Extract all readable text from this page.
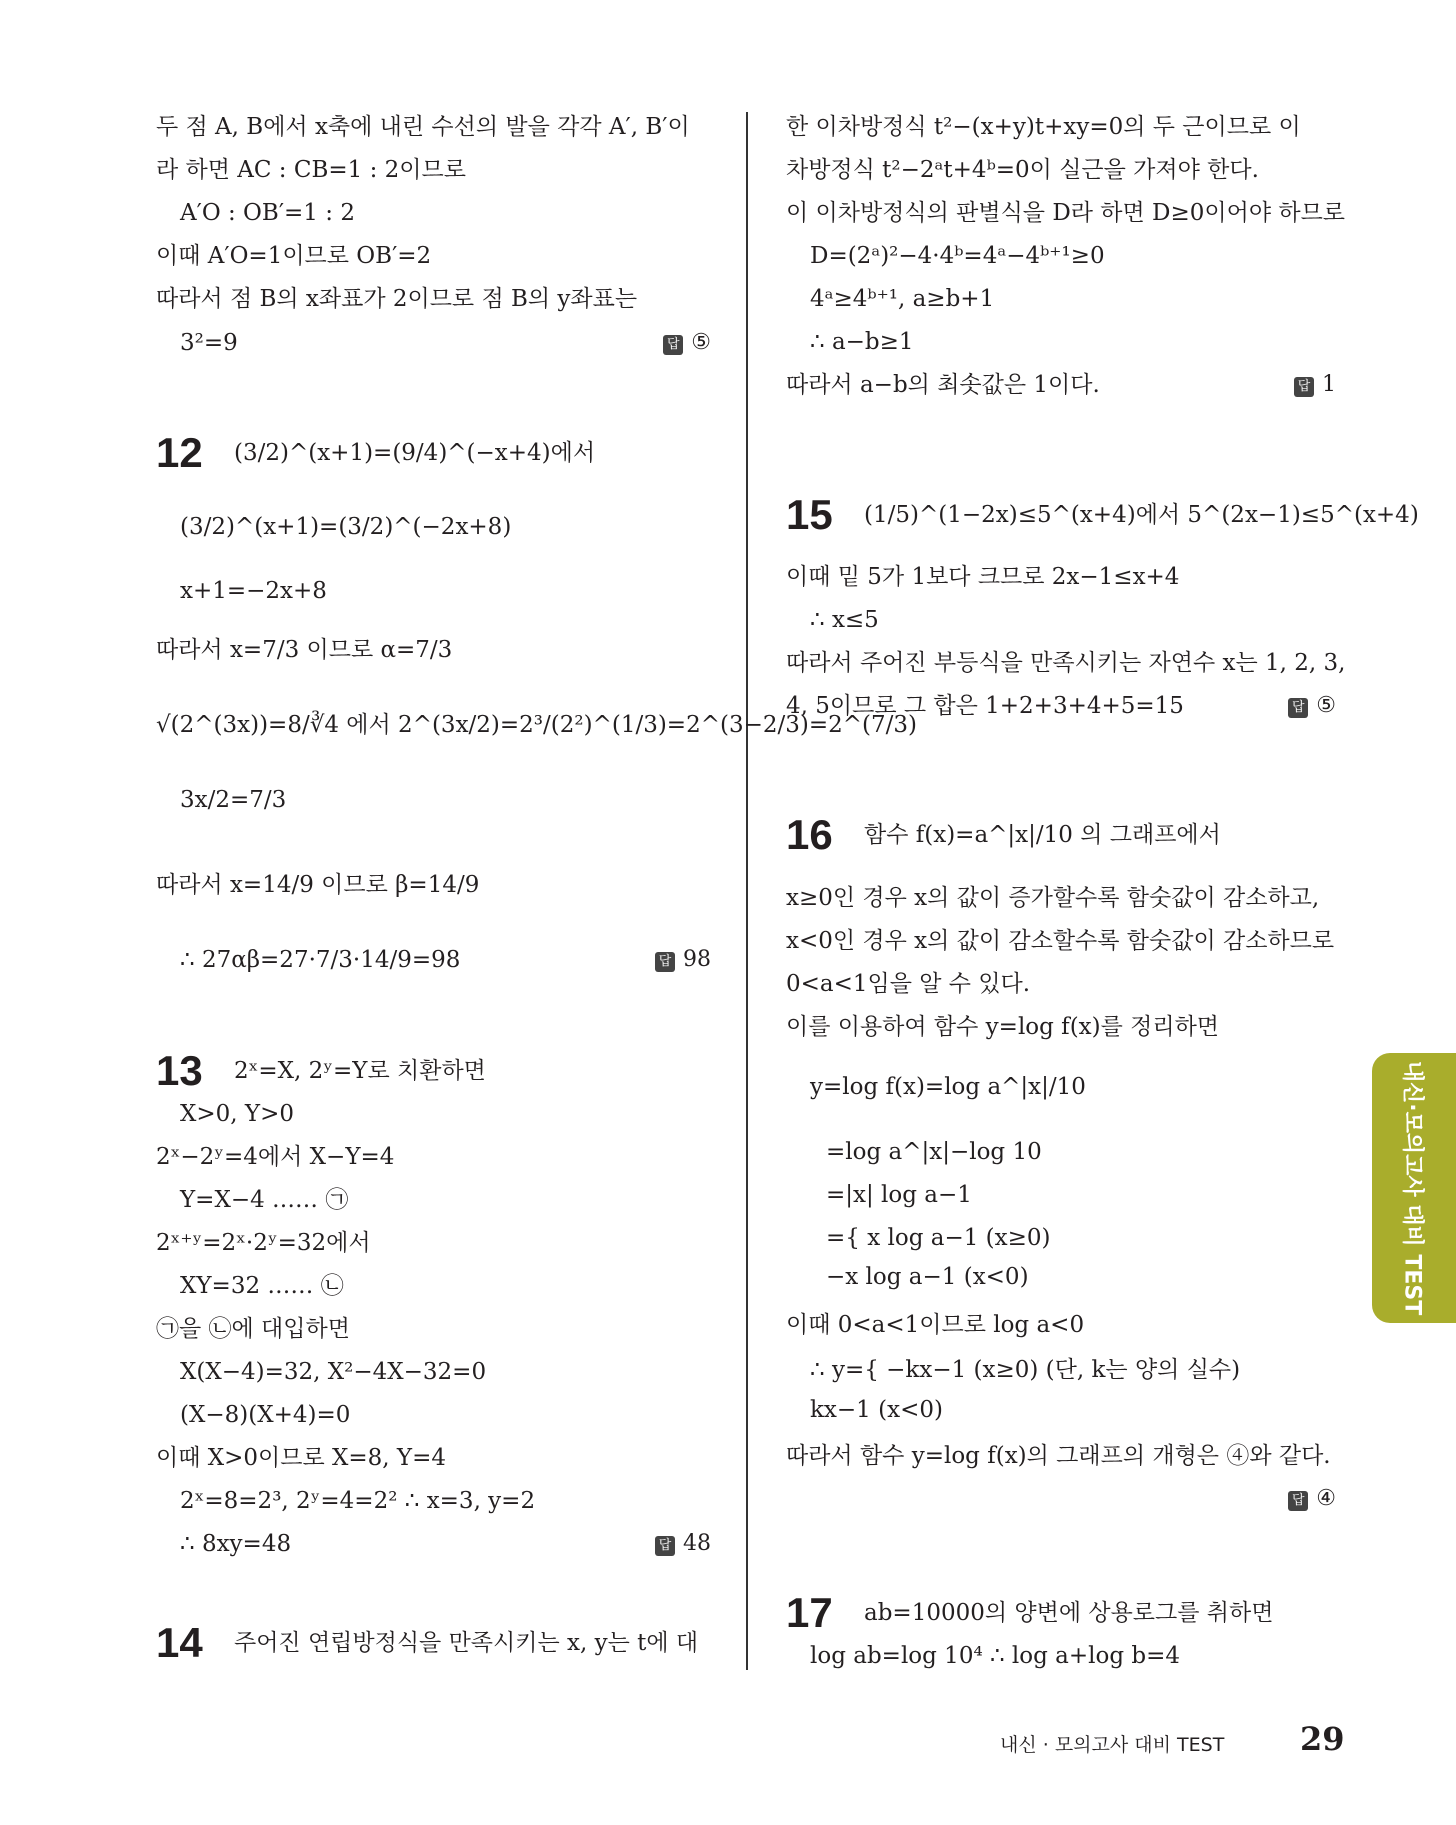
두 점 A, B에서 x축에 내린 수선의 발을 각각 A′, B′이
라 하면 AC : CB=1 : 2이므로
A′O : OB′=1 : 2
이때 A′O=1이므로 OB′=2
따라서 점 B의 x좌표가 2이므로 점 B의 y좌표는
3²=9	답 ⑤
12 (3/2)^(x+1)=(9/4)^(−x+4)에서
(3/2)^(x+1)=(3/2)^(−2x+8)
x+1=−2x+8
따라서 x=7/3 이므로 α=7/3
√(2^(3x))=8/∛4 에서 2^(3x/2)=2³/(2²)^(1/3)=2^(3−2/3)=2^(7/3)
3x/2=7/3
따라서 x=14/9 이므로 β=14/9
∴ 27αβ=27·7/3·14/9=98	답 98
13 2ˣ=X, 2ʸ=Y로 치환하면
X>0, Y>0
2ˣ−2ʸ=4에서 X−Y=4
Y=X−4 …… ㉠
2ˣ⁺ʸ=2ˣ·2ʸ=32에서
XY=32 …… ㉡
㉠을 ㉡에 대입하면
X(X−4)=32, X²−4X−32=0
(X−8)(X+4)=0
이때 X>0이므로 X=8, Y=4
2ˣ=8=2³, 2ʸ=4=2² ∴ x=3, y=2
∴ 8xy=48	답 48
14 주어진 연립방정식을 만족시키는 x, y는 t에 대
한 이차방정식 t²−(x+y)t+xy=0의 두 근이므로 이
차방정식 t²−2ᵃt+4ᵇ=0이 실근을 가져야 한다.
이 이차방정식의 판별식을 D라 하면 D≥0이어야 하므로
D=(2ᵃ)²−4·4ᵇ=4ᵃ−4ᵇ⁺¹≥0
4ᵃ≥4ᵇ⁺¹, a≥b+1
∴ a−b≥1
따라서 a−b의 최솟값은 1이다.	답 1
15 (1/5)^(1−2x)≤5^(x+4)에서 5^(2x−1)≤5^(x+4)
이때 밑 5가 1보다 크므로 2x−1≤x+4
∴ x≤5
따라서 주어진 부등식을 만족시키는 자연수 x는 1, 2, 3,
4, 5이므로 그 합은 1+2+3+4+5=15	답 ⑤
16 함수 f(x)=a^|x|/10 의 그래프에서
x≥0인 경우 x의 값이 증가할수록 함숫값이 감소하고,
x<0인 경우 x의 값이 감소할수록 함숫값이 감소하므로
0<a<1임을 알 수 있다.
이를 이용하여 함수 y=log f(x)를 정리하면
y=log f(x)=log a^|x|/10
=log a^|x|−log 10
=|x| log a−1
={ x log a−1 (x≥0)
−x log a−1 (x<0)
이때 0<a<1이므로 log a<0
∴ y={ −kx−1 (x≥0) (단, k는 양의 실수)
kx−1 (x<0)
따라서 함수 y=log f(x)의 그래프의 개형은 ④와 같다.
답 ④
17 ab=10000의 양변에 상용로그를 취하면
log ab=log 10⁴ ∴ log a+log b=4
내신·모의고사 대비 TEST
내신 · 모의고사 대비 TEST 29
